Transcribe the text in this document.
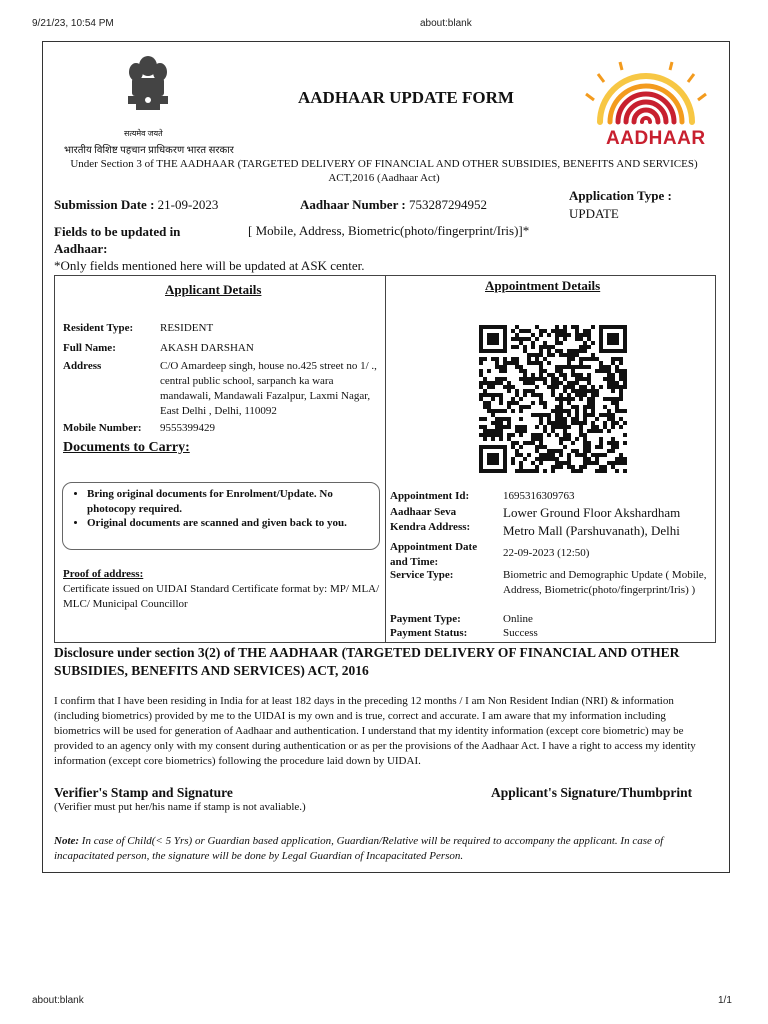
9/21/23, 10:54 PM	about:blank
about:blank	1/1
सत्यमेव जयते
भारतीय विशिष्ट पहचान प्राधिकरण भारत सरकार
AADHAAR UPDATE FORM
AADHAAR
Under Section 3 of THE AADHAAR (TARGETED DELIVERY OF FINANCIAL AND OTHER SUBSIDIES, BENEFITS AND SERVICES) ACT,2016 (Aadhaar Act)
Submission Date : 21-09-2023	Aadhaar Number : 753287294952
Application Type :
UPDATE
Fields to be updated in Aadhaar:
[ Mobile, Address, Biometric(photo/fingerprint/Iris)]*
*Only fields mentioned here will be updated at ASK center.
Applicant Details	Appointment Details
Resident Type: RESIDENT
Full Name:	AKASH DARSHAN
Address	C/O Amardeep singh, house no.425 street no 1/ ., central public school, sarpanch ka wara mandawali, Mandawali Fazalpur, Laxmi Nagar, East Delhi , Delhi, 110092
Mobile Number: 9555399429
Documents to Carry:
• Bring original documents for Enrolment/Update. No photocopy required.
• Original documents are scanned and given back to you.
Proof of address:
Certificate issued on UIDAI Standard Certificate format by: MP/ MLA/ MLC/ Municipal Councillor
Appointment Id:	1695316309763
Aadhaar Seva Kendra Address:
Lower Ground Floor Akshardham Metro Mall (Parshuvanath), Delhi
Appointment Date and Time:
22-09-2023 (12:50)
Service Type:	Biometric and Demographic Update ( Mobile, Address, Biometric(photo/fingerprint/Iris) )
Payment Type:	Online
Payment Status:	Success
Disclosure under section 3(2) of THE AADHAAR (TARGETED DELIVERY OF FINANCIAL AND OTHER SUBSIDIES, BENEFITS AND SERVICES) ACT, 2016
I confirm that I have been residing in India for at least 182 days in the preceding 12 months / I am Non Resident Indian (NRI) & information (including biometrics) provided by me to the UIDAI is my own and is true, correct and accurate. I am aware that my information including biometrics will be used for generation of Aadhaar and authentication. I understand that my identity information (except core biometric) may be provided to an agency only with my consent during authentication or as per the provisions of the Aadhaar Act. I have a right to access my identity information (except core biometrics) following the procedure laid down by UIDAI.
Verifier's Stamp and Signature
(Verifier must put her/his name if stamp is not avaliable.)
Applicant's Signature/Thumbprint
Note: In case of Child(< 5 Yrs) or Guardian based application, Guardian/Relative will be required to accompany the applicant. In case of incapacitated person, the signature will be done by Legal Guardian of Incapacitated Person.
